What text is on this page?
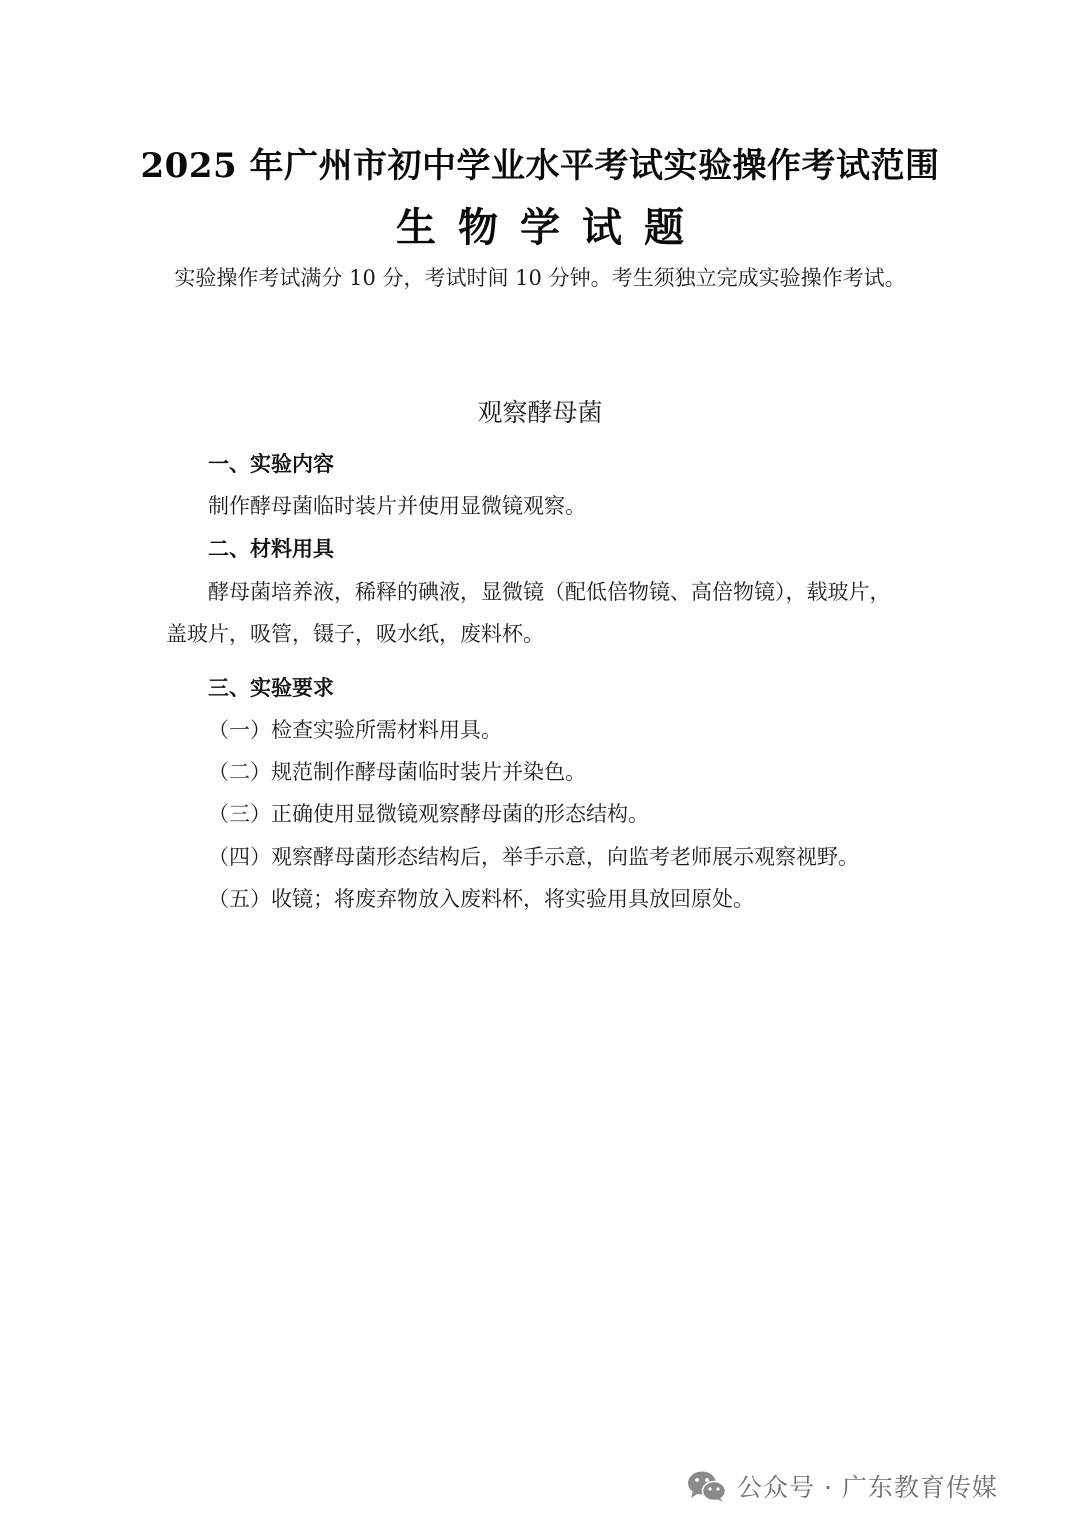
2025 年广州市初中学业水平考试实验操作考试范围
生物学试题
实验操作考试满分 10 分，考试时间 10 分钟。考生须独立完成实验操作考试。
观察酵母菌
一、实验内容
制作酵母菌临时装片并使用显微镜观察。
二、材料用具
酵母菌培养液，稀释的碘液，显微镜（配低倍物镜、高倍物镜），载玻片，
盖玻片，吸管，镊子，吸水纸，废料杯。
三、实验要求
（一）检查实验所需材料用具。
（二）规范制作酵母菌临时装片并染色。
（三）正确使用显微镜观察酵母菌的形态结构。
（四）观察酵母菌形态结构后，举手示意，向监考老师展示观察视野。
（五）收镜；将废弃物放入废料杯，将实验用具放回原处。
公众号 · 广东教育传媒
